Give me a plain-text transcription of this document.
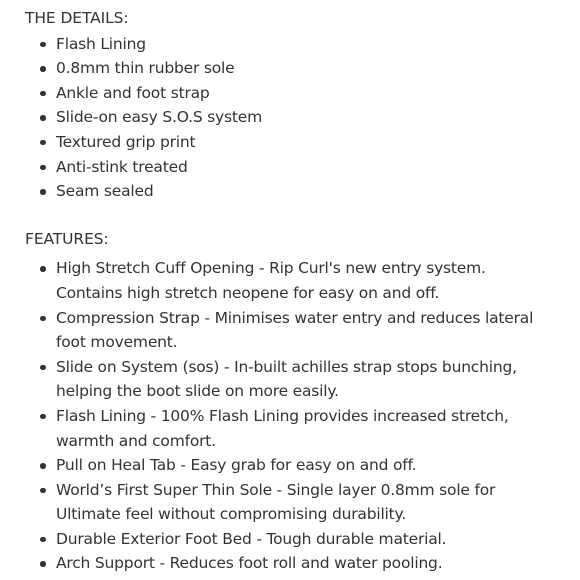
THE DETAILS:
Flash Lining
0.8mm thin rubber sole
Ankle and foot strap
Slide-on easy S.O.S system
Textured grip print
Anti-stink treated
Seam sealed
FEATURES:
High Stretch Cuff Opening - Rip Curl's new entry system. Contains high stretch neopene for easy on and off.
Compression Strap - Minimises water entry and reduces lateral foot movement.
Slide on System (sos) - In-built achilles strap stops bunching, helping the boot slide on more easily.
Flash Lining - 100% Flash Lining provides increased stretch, warmth and comfort.
Pull on Heal Tab - Easy grab for easy on and off.
World’s First Super Thin Sole - Single layer 0.8mm sole for Ultimate feel without compromising durability.
Durable Exterior Foot Bed - Tough durable material.
Arch Support - Reduces foot roll and water pooling.
